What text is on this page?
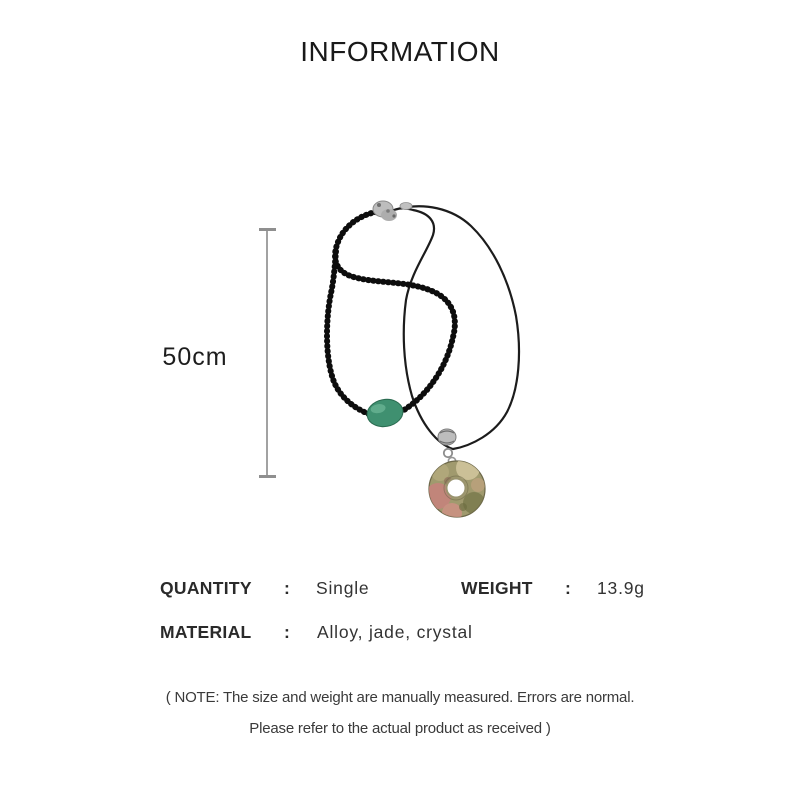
INFORMATION
50cm
QUANTITY : Single	WEIGHT : 13.9g
MATERIAL : Alloy, jade, crystal
( NOTE: The size and weight are manually measured. Errors are normal.
Please refer to the actual product as received )
